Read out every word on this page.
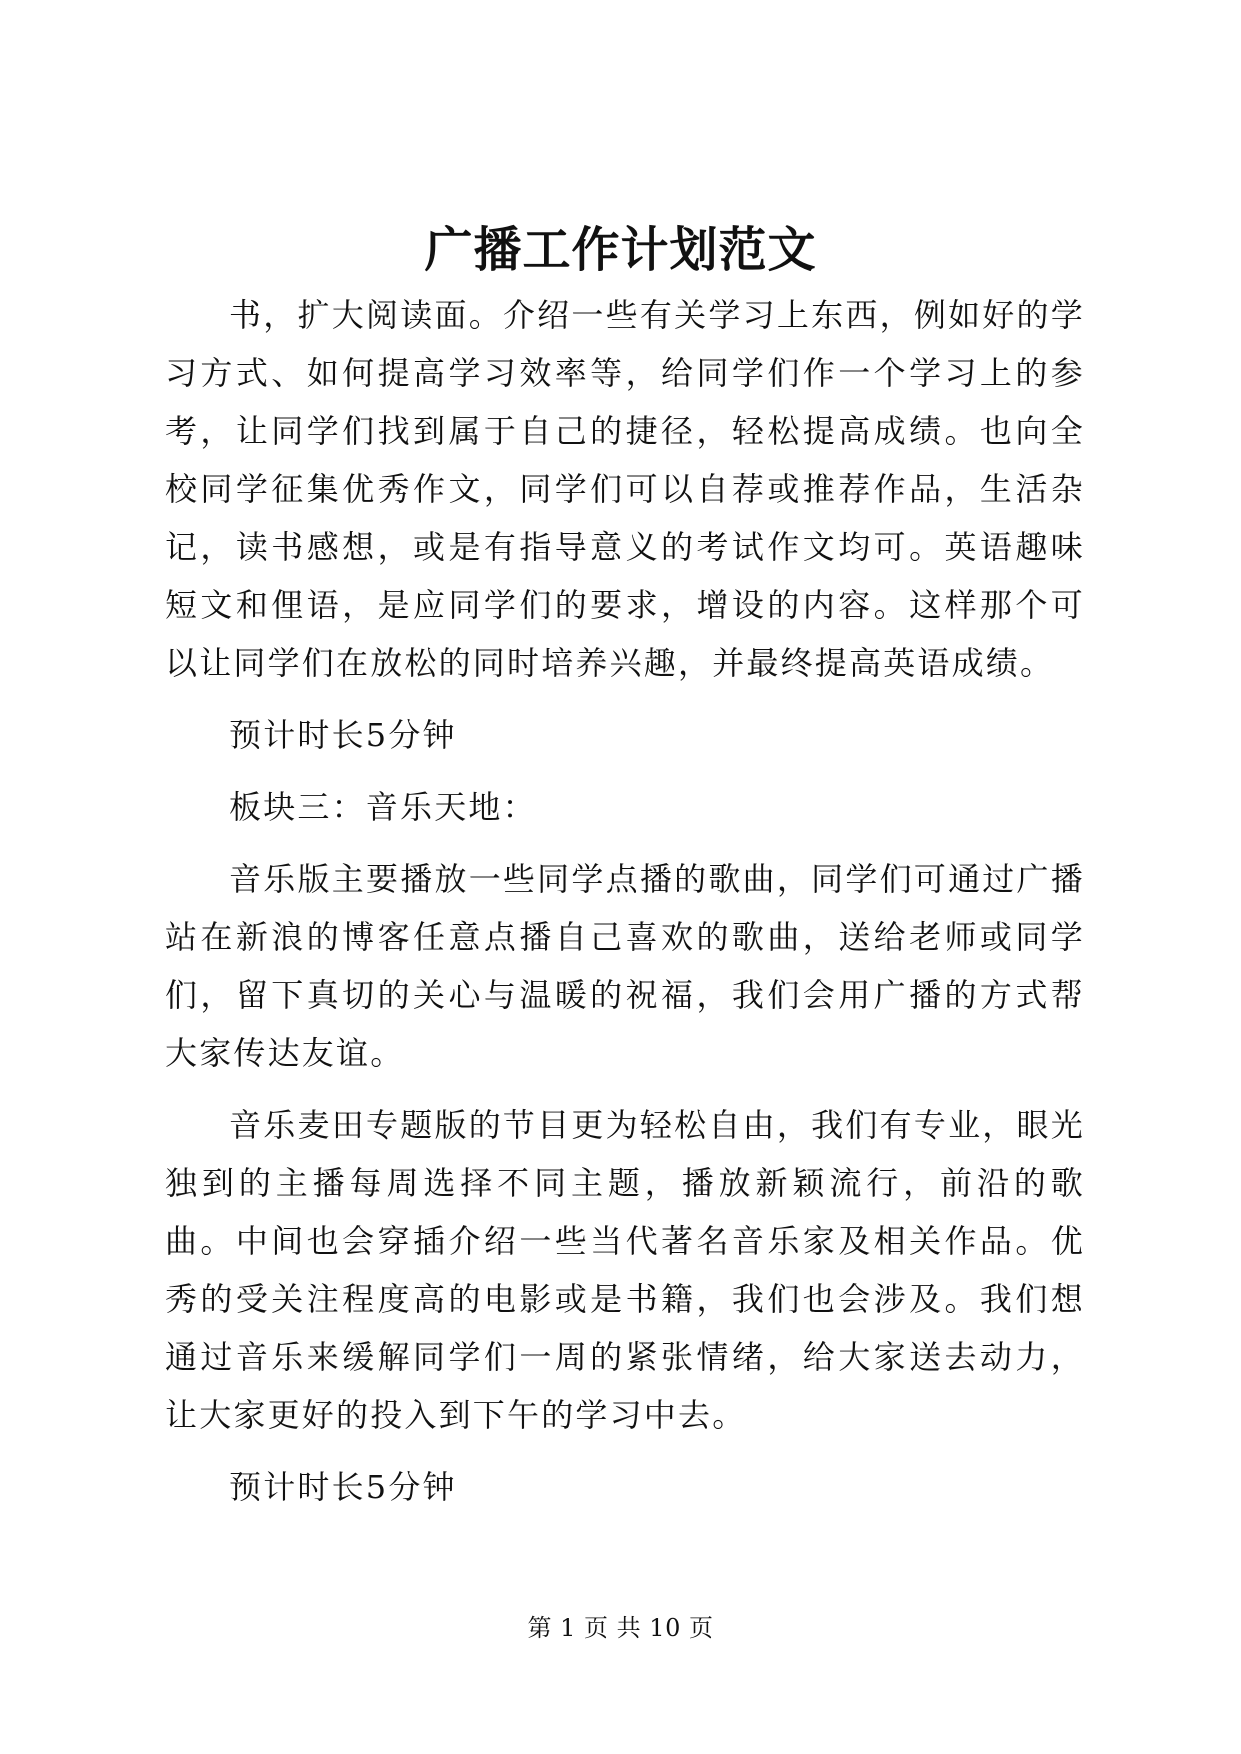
广播工作计划范文

书，扩大阅读面。介绍一些有关学习上东西，例如好的学习方式、如何提高学习效率等，给同学们作一个学习上的参考，让同学们找到属于自己的捷径，轻松提高成绩。也向全校同学征集优秀作文，同学们可以自荐或推荐作品，生活杂记，读书感想，或是有指导意义的考试作文均可。英语趣味短文和俚语，是应同学们的要求，增设的内容。这样那个可以让同学们在放松的同时培养兴趣，并最终提高英语成绩。

预计时长5分钟

板块三：音乐天地：

音乐版主要播放一些同学点播的歌曲，同学们可通过广播站在新浪的博客任意点播自己喜欢的歌曲，送给老师或同学们，留下真切的关心与温暖的祝福，我们会用广播的方式帮大家传达友谊。

音乐麦田专题版的节目更为轻松自由，我们有专业，眼光独到的主播每周选择不同主题，播放新颖流行，前沿的歌曲。中间也会穿插介绍一些当代著名音乐家及相关作品。优秀的受关注程度高的电影或是书籍，我们也会涉及。我们想通过音乐来缓解同学们一周的紧张情绪，给大家送去动力，让大家更好的投入到下午的学习中去。

预计时长5分钟

第 1 页 共 10 页
